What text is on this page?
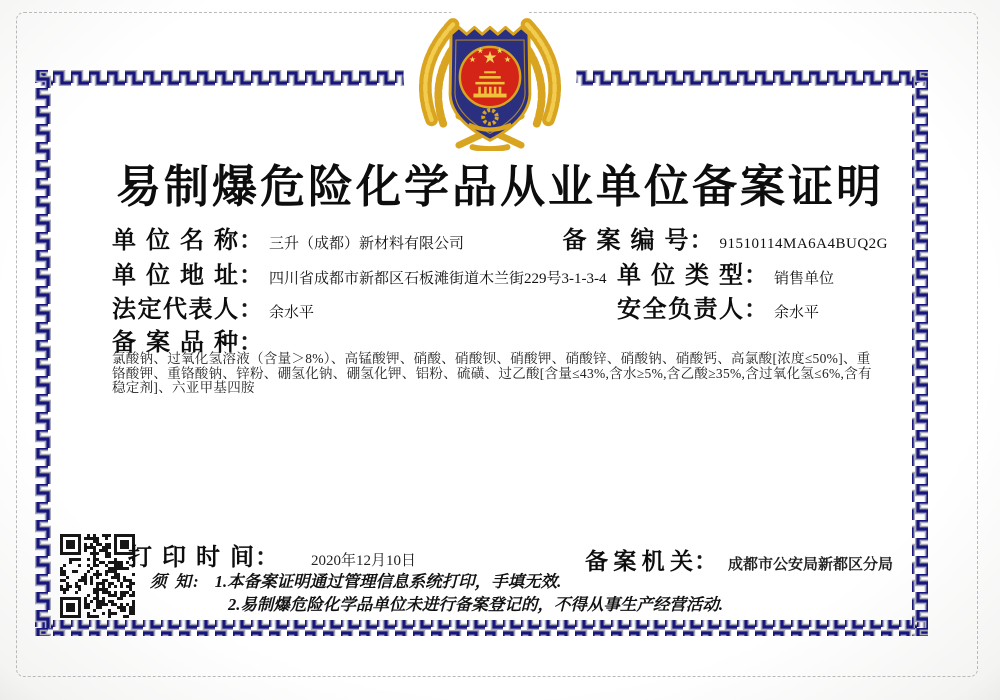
易制爆危险化学品从业单位备案证明
单位名称 ： 三升（成都）新材料有限公司	备案编号 ： 91510114MA6A4BUQ2G
单位地址 ： 四川省成都市新都区石板滩街道木兰街229号3-1-3-4 单位类型 ： 销售单位
法定代表人 ： 余水平	安全负责人 ： 余水平
备案品种 ：
氯酸钠、过氧化氢溶液（含量＞8%）、高锰酸钾、硝酸、硝酸钡、硝酸钾、硝酸锌、硝酸钠、硝酸钙、高氯酸[浓度≤50%]、重铬酸钾、重铬酸钠、锌粉、硼氢化钠、硼氢化钾、铝粉、硫磺、过乙酸[含量≤43%,含水≥5%,含乙酸≥35%,含过氧化氢≤6%,含有稳定剂]、六亚甲基四胺
打印时间 ： 2020年12月10日	备案机关 ： 成都市公安局新都区分局
须 知: 1.本备案证明通过管理信息系统打印，手填无效.
2.易制爆危险化学品单位未进行备案登记的，不得从事生产经营活动.
